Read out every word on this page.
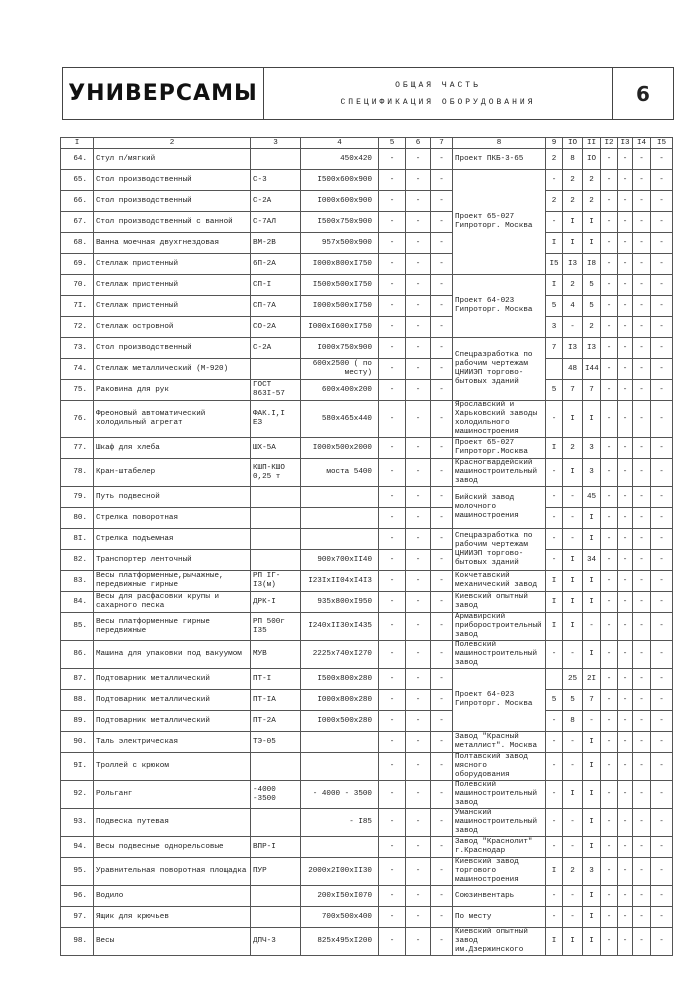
УНИВЕРСАМЫ	ОБЩАЯ ЧАСТЬ
СПЕЦИФИКАЦИЯ ОБОРУДОВАНИЯ	6
I	2	3	4	5	6	7	8	9	IO	II	I2	I3	I4	I5
64.	Стул п/мягкий		450x420	-	-	-	Проект ПКБ-3-65	2	8	IO	-	-	-	-
65.	Стол производственный	С-3	I500x600x900	-	-	-	Проект 65-027 Гипроторг. Москва	-	2	2	-	-	-	-
66.	Стол производственный	С-2А	I000x600x900	-	-	-		2	2	2	-	-	-	-
67.	Стол производственный с ванной	С-7АЛ	I500x750x900	-	-	-		-	I	I	-	-	-	-
68.	Ванна моечная двухгнездовая	ВМ-2В	957x500x900	-	-	-		I	I	I	-	-	-	-
69.	Стеллаж пристенный	6П-2А	I000x800xI750	-	-	-		I5	I3	I8	-	-	-	-
70.	Стеллаж пристенный	СП-I	I500x500xI750	-	-	-	Проект 64-023 Гипроторг. Москва	I	2	5	-	-	-	-
7I.	Стеллаж пристенный	СП-7А	I000x500xI750	-	-	-		5	4	5	-	-	-	-
72.	Стеллаж островной	СО-2А	I000xI600xI750	-	-	-		3	-	2	-	-	-	-
73.	Стол производственный	С-2А	I000x750x900	-	-	-	Спецразработка по рабочим чертежам ЦНИИЭП торгово-бытовых зданий	7	I3	I3	-	-	-	-
74.	Стеллаж металлический (М-920)		600x2500 ( по месту)	-	-	-			48	I44	-	-	-	-
75.	Раковина для рук	ГОСТ 863I-57	600x400x200	-	-	-		5	7	7	-	-	-	-
76.	Фреоновый автоматический холодильный агрегат	ФАК.I,I ЕЗ	580x465x440	-	-	-	Ярославский и Харьковский заводы холодильного машиностроения	-	I	I	-	-	-	-
77.	Шкаф для хлеба	ШХ-5А	I000x500x2000	-	-	-	Проект 65-027 Гипроторг.Москва	I	2	3	-	-	-	-
78.	Кран-штабелер	КШП-КШО 0,25 т	моста 5400	-	-	-	Красногвардейский машиностроительный завод	-	I	3	-	-	-	-
79.	Путь подвесной			-	-	-	Бийский завод молочного машиностроения	-	-	45	-	-	-	-
80.	Стрелка поворотная			-	-	-		-	-	I	-	-	-	-
8I.	Стрелка подъемная			-	-	-	Спецразработка по рабочим чертежам ЦНИИЭП торгово-бытовых зданий	-	-	I	-	-	-	-
82.	Транспортер ленточный		900x700xII40	-	-	-		-	I	34	-	-	-	-
83.	Весы платформенные,рычажные, передвижные гирные	РП IГ-I3(м)	I23IxII04xI4I3	-	-	-	Кокчетавский механический завод	I	I	I	-	-	-	-
84.	Весы для расфасовки крупы и сахарного песка	ДРК-I	935x800xI950	-	-	-	Киевский опытный завод	I	I	I	-	-	-	-
85.	Весы платформенные гирные передвижные	РП 500г I35	I240xII30xI435	-	-	-	Армавирский приборостроительный завод	I	I	-	-	-	-	-
86.	Машина для упаковки под вакуумом	МУВ	2225x740xI270	-	-	-	Полевский машиностроительный завод	-	-	I	-	-	-	-
87.	Подтоварник металлический	ПТ-I	I500x800x280	-	-	-	Проект 64-023 Гипроторг. Москва		25	2I	-	-	-	-
88.	Подтоварник металлический	ПТ-IА	I000x800x280	-	-	-		5	5	7	-	-	-	-
89.	Подтоварник металлический	ПТ-2А	I000x500x280	-	-	-		-	8	-	-	-	-	-
90.	Таль электрическая	ТЭ-05		-	-	-	Завод "Красный металлист". Москва	-	-	I	-	-	-	-
9I.	Троллей с крюком			-	-	-	Полтавский завод мясного оборудования	-	-	I	-	-	-	-
92.	Рольганг	-4000 -3500	- 4000 - 3500	-	-	-	Полевский машиностроительный завод	-	I	I	-	-	-	-
93.	Подвеска путевая		- I85	-	-	-	Уманский машиностроительный завод	-	-	I	-	-	-	-
94.	Весы подвесные однорельсовые	ВПР-I		-	-	-	Завод "Краснолит" г.Краснодар	-	-	I	-	-	-	-
95.	Уравнительная поворотная площадка	ПУР	2000x2I00xII30	-	-	-	Киевский завод торгового машиностроения	I	2	3	-	-	-	-
96.	Водило		200xI50xI070	-	-	-	Союзинвентарь	-	-	I	-	-	-	-
97.	Ящик для крючьев		700x500x400	-	-	-	По месту	-	-	I	-	-	-	-
98.	Весы	ДПЧ-3	825x495xI200	-	-	-	Киевский опытный завод им.Дзержинского	I	I	I	-	-	-	-
